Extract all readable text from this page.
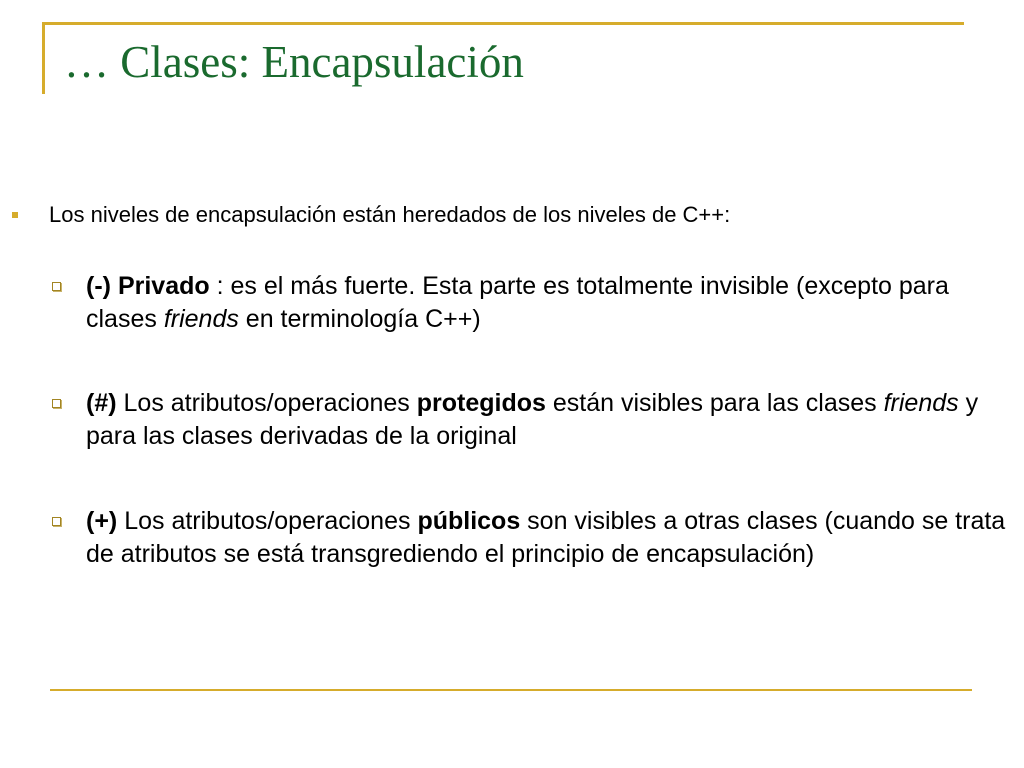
… Clases: Encapsulación
Los niveles de encapsulación están heredados de los niveles de C++:
(-) Privado : es el más fuerte. Esta parte es totalmente invisible (excepto para clases friends en terminología C++)
(#) Los atributos/operaciones protegidos están visibles para las clases friends y para las clases derivadas de la original
(+) Los atributos/operaciones públicos son visibles a otras clases (cuando se trata de atributos se está transgrediendo el principio de encapsulación)
